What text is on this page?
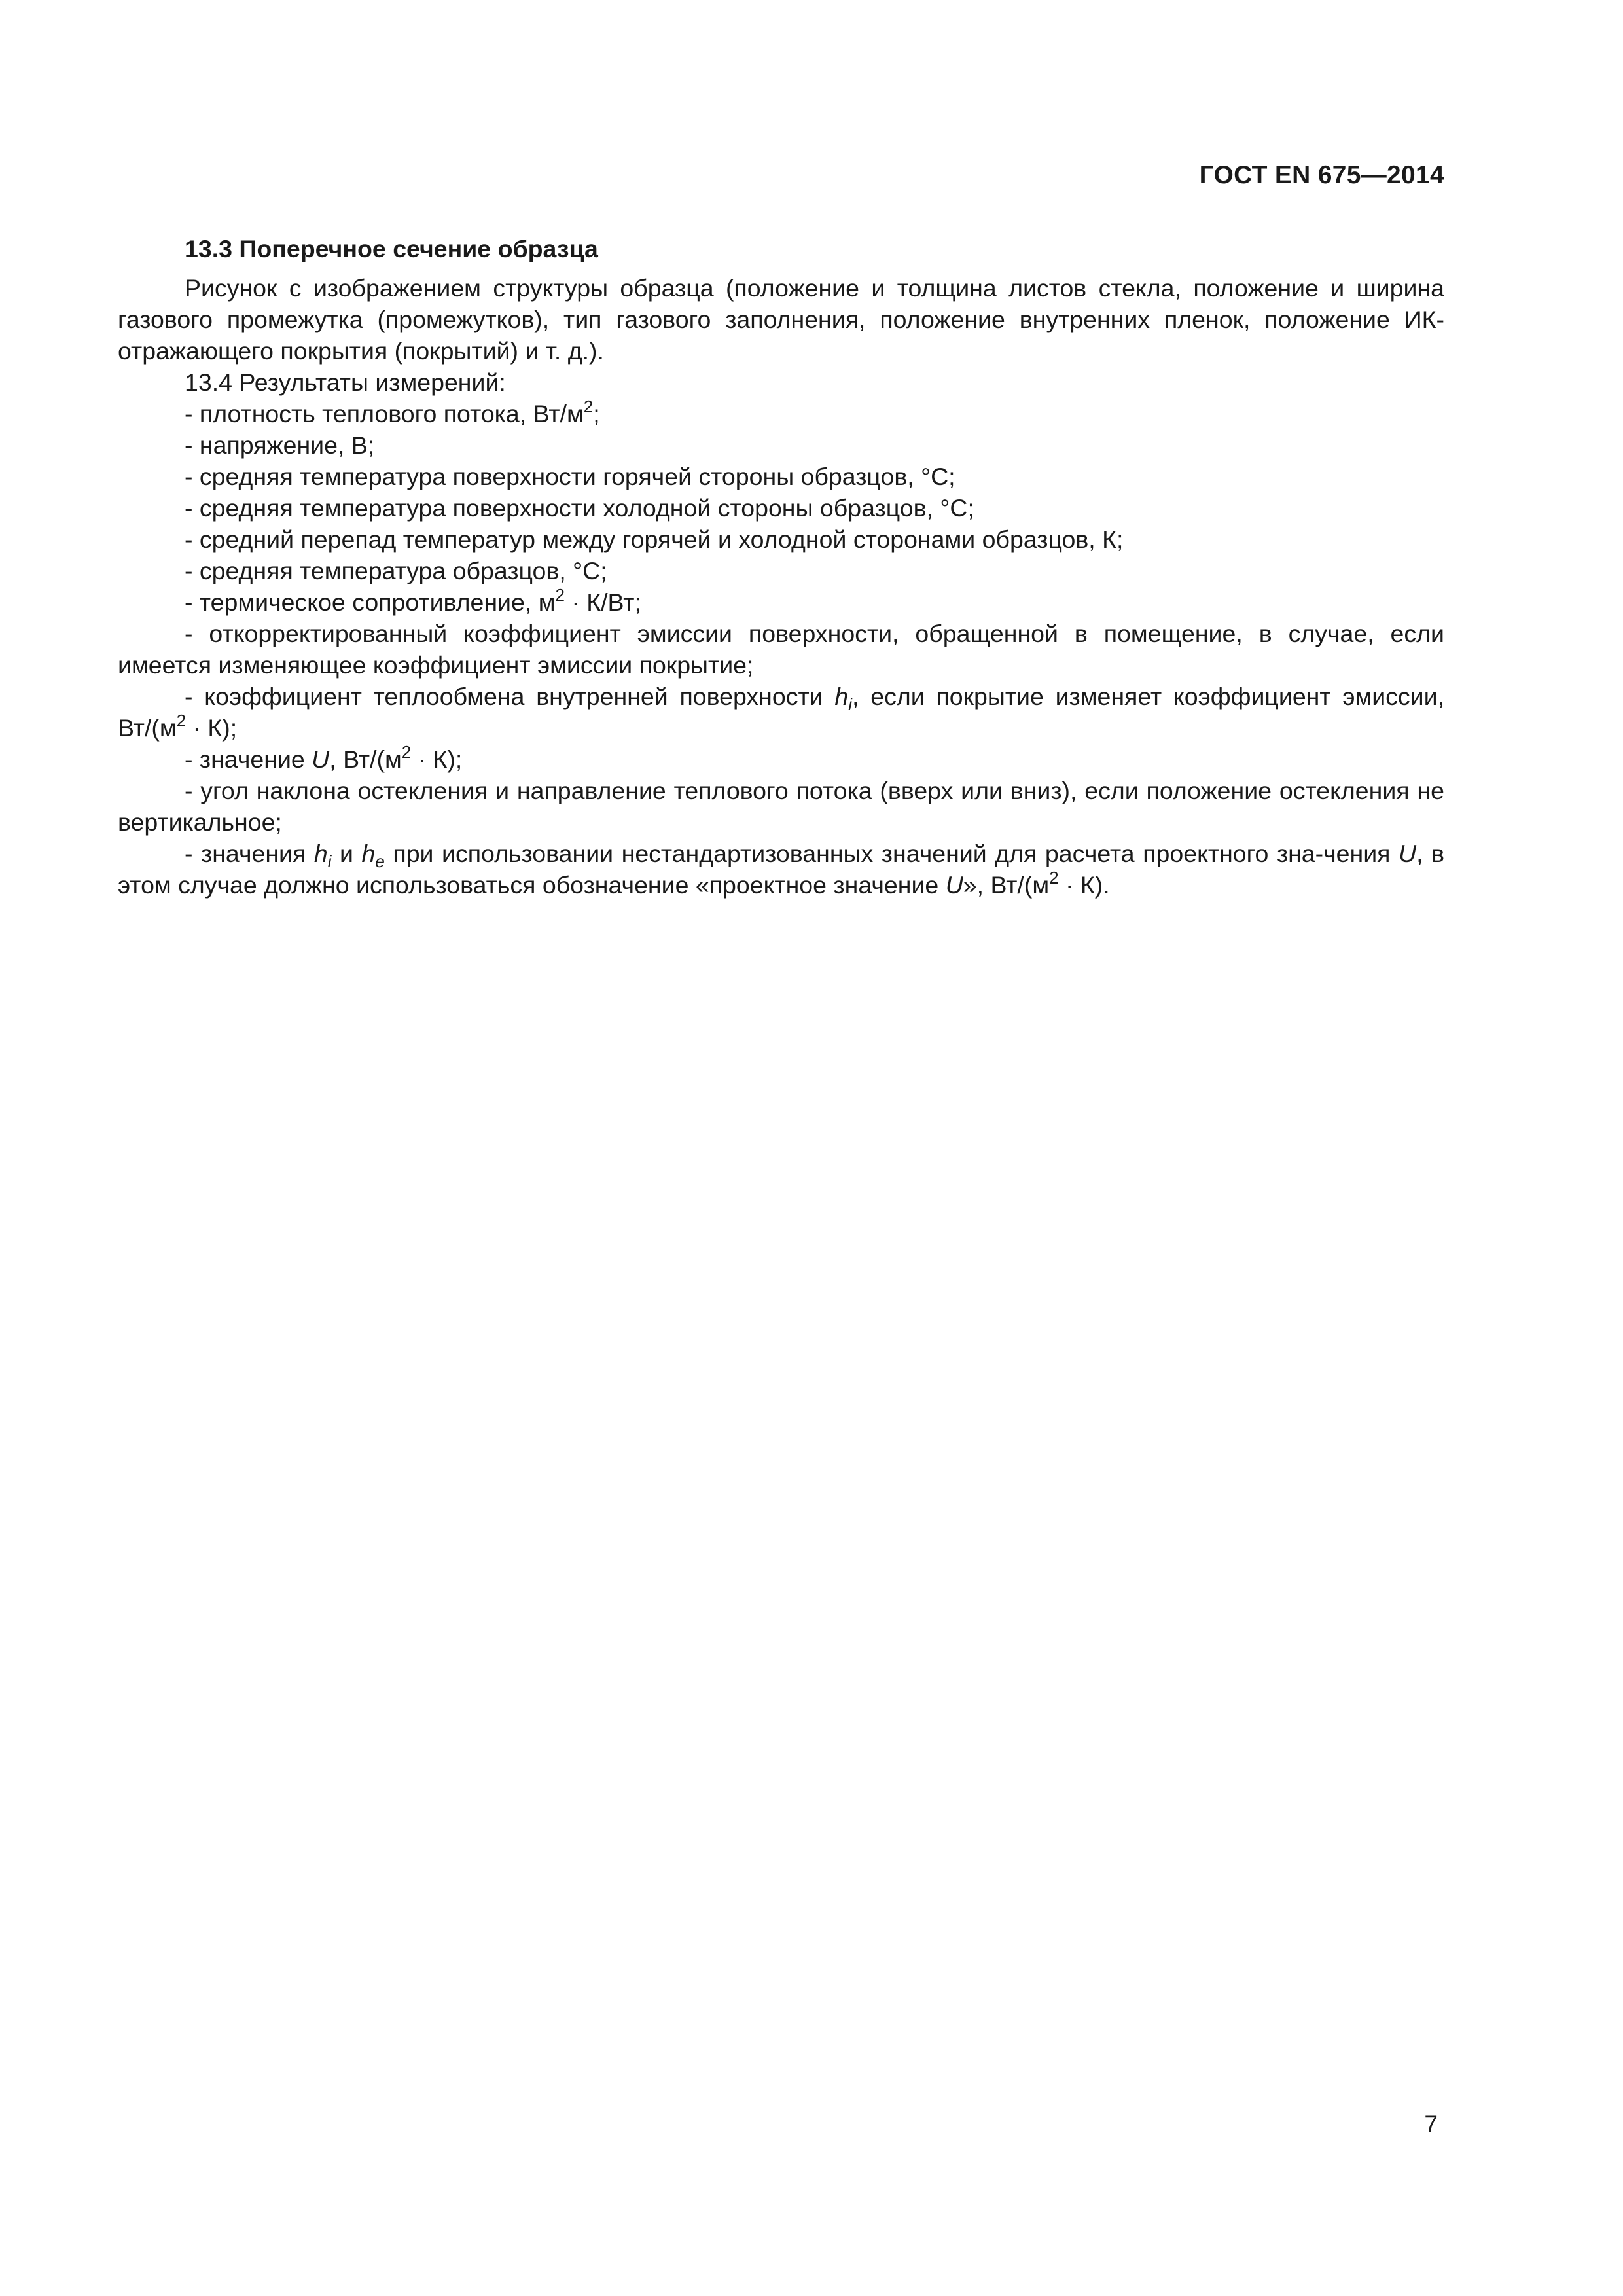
ГОСТ EN 675—2014

13.3 Поперечное сечение образца

Рисунок с изображением структуры образца (положение и толщина листов стекла, положение и ширина газового промежутка (промежутков), тип газового заполнения, положение внутренних пленок, положение ИК-отражающего покрытия (покрытий) и т. д.).

13.4 Результаты измерений:

- плотность теплового потока, $Вт/м^2$;

- напряжение, В;

- средняя температура поверхности горячей стороны образцов, °С;

- средняя температура поверхности холодной стороны образцов, °С;

- средний перепад температур между горячей и холодной сторонами образцов, К;

- средняя температура образцов, °С;

- термическое сопротивление, $м^2 \cdot К/Вт$;

- откорректированный коэффициент эмиссии поверхности, обращенной в помещение, в случае, если имеется изменяющее коэффициент эмиссии покрытие;

- коэффициент теплообмена внутренней поверхности $h_i$, если покрытие изменяет коэффициент эмиссии, $Вт/(м^2 \cdot К)$;

- значение U, $Вт/(м^2 \cdot К)$;

- угол наклона остекления и направление теплового потока (вверх или вниз), если положение остекления не вертикальное;

- значения $h_i$ и $h_e$ при использовании нестандартизованных значений для расчета проектного зна-чения U, в этом случае должно использоваться обозначение «проектное значение U», $Вт/(м^2 \cdot К)$.

7
